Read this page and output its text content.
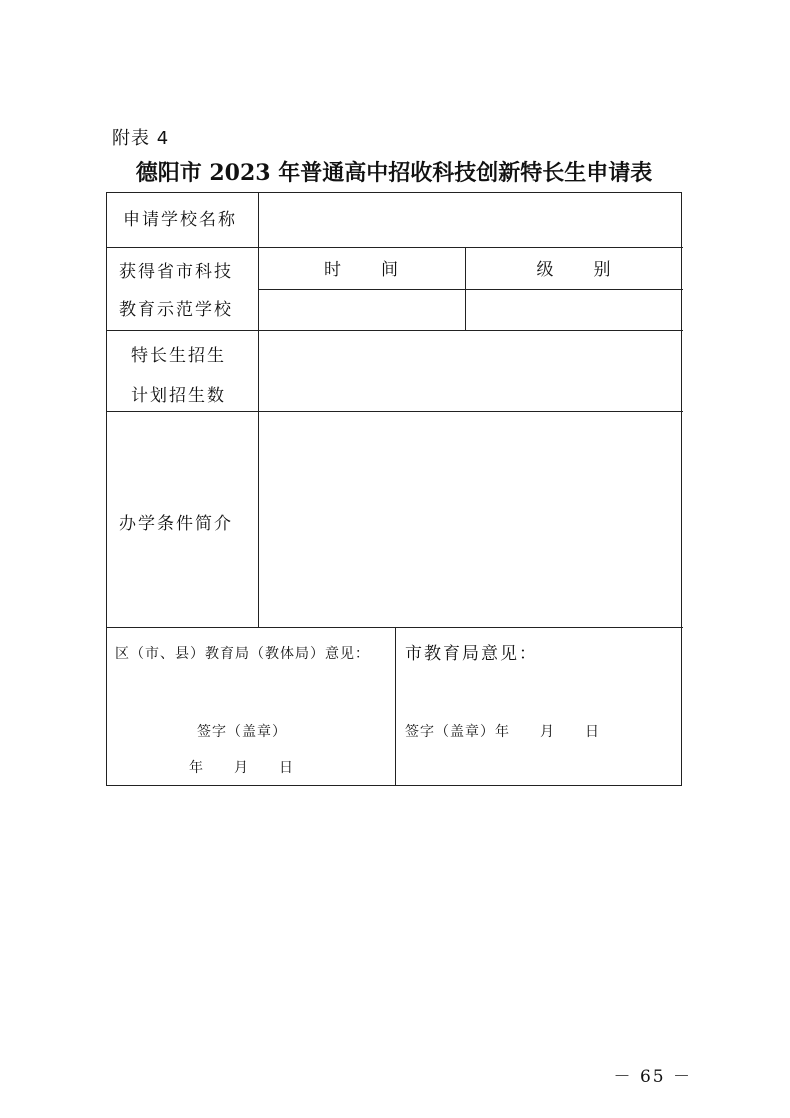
附表 4
德阳市 2023 年普通高中招收科技创新特长生申请表
申请学校名称
获得省市科技
教育示范学校
时　　间	级　　别
特长生招生
计划招生数
办学条件简介
区（市、县）教育局（教体局）意见：
签字（盖章）
年　　月　　日
市教育局意见：
签字（盖章）年　　月　　日
－ 65 －
